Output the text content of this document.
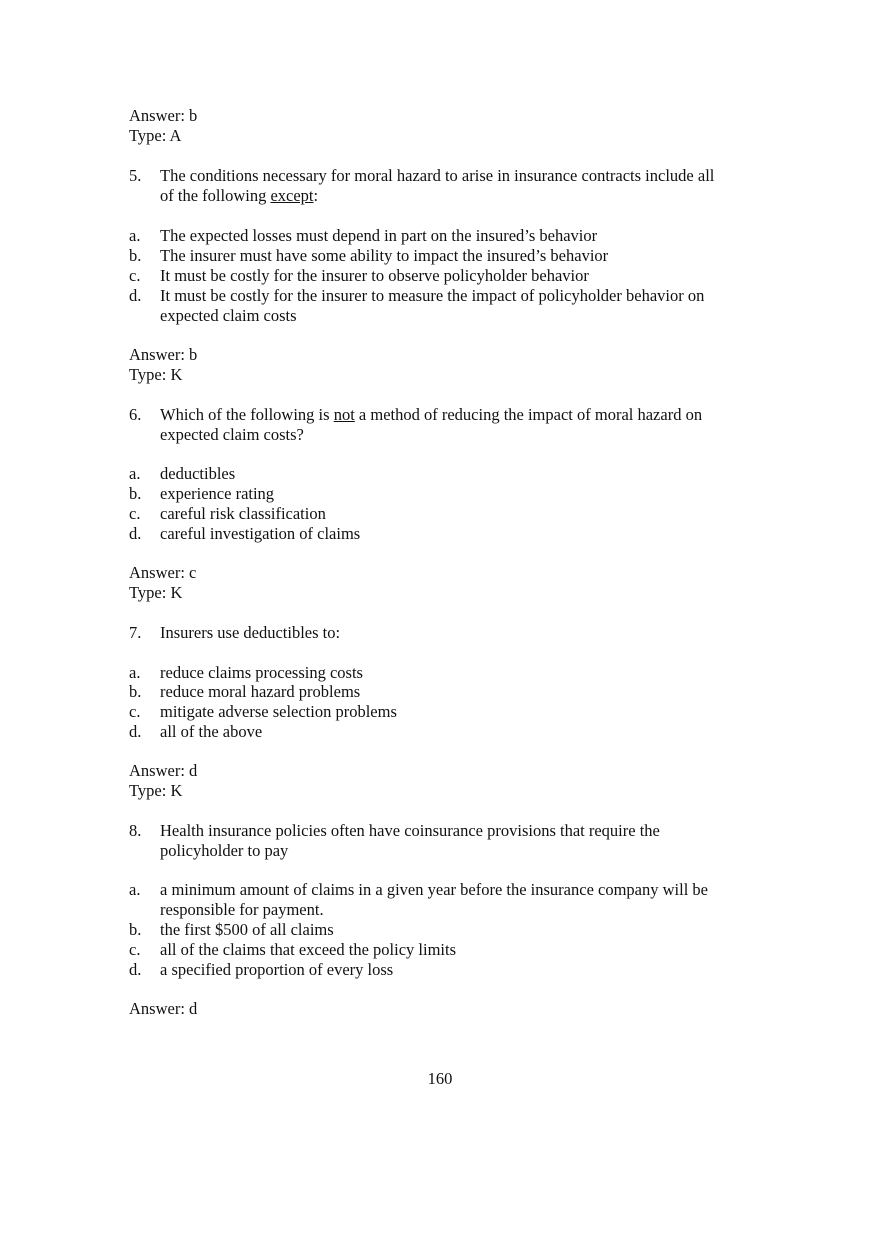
Answer: b
Type: A
5. The conditions necessary for moral hazard to arise in insurance contracts include all
of the following except:
a. The expected losses must depend in part on the insured’s behavior
b. The insurer must have some ability to impact the insured’s behavior
c. It must be costly for the insurer to observe policyholder behavior
d. It must be costly for the insurer to measure the impact of policyholder behavior on
expected claim costs
Answer: b
Type: K
6. Which of the following is not a method of reducing the impact of moral hazard on
expected claim costs?
a. deductibles
b. experience rating
c. careful risk classification
d. careful investigation of claims
Answer: c
Type: K
7. Insurers use deductibles to:
a. reduce claims processing costs
b. reduce moral hazard problems
c. mitigate adverse selection problems
d. all of the above
Answer: d
Type: K
8. Health insurance policies often have coinsurance provisions that require the
policyholder to pay
a. a minimum amount of claims in a given year before the insurance company will be
responsible for payment.
b. the first $500 of all claims
c. all of the claims that exceed the policy limits
d. a specified proportion of every loss
Answer: d
160
